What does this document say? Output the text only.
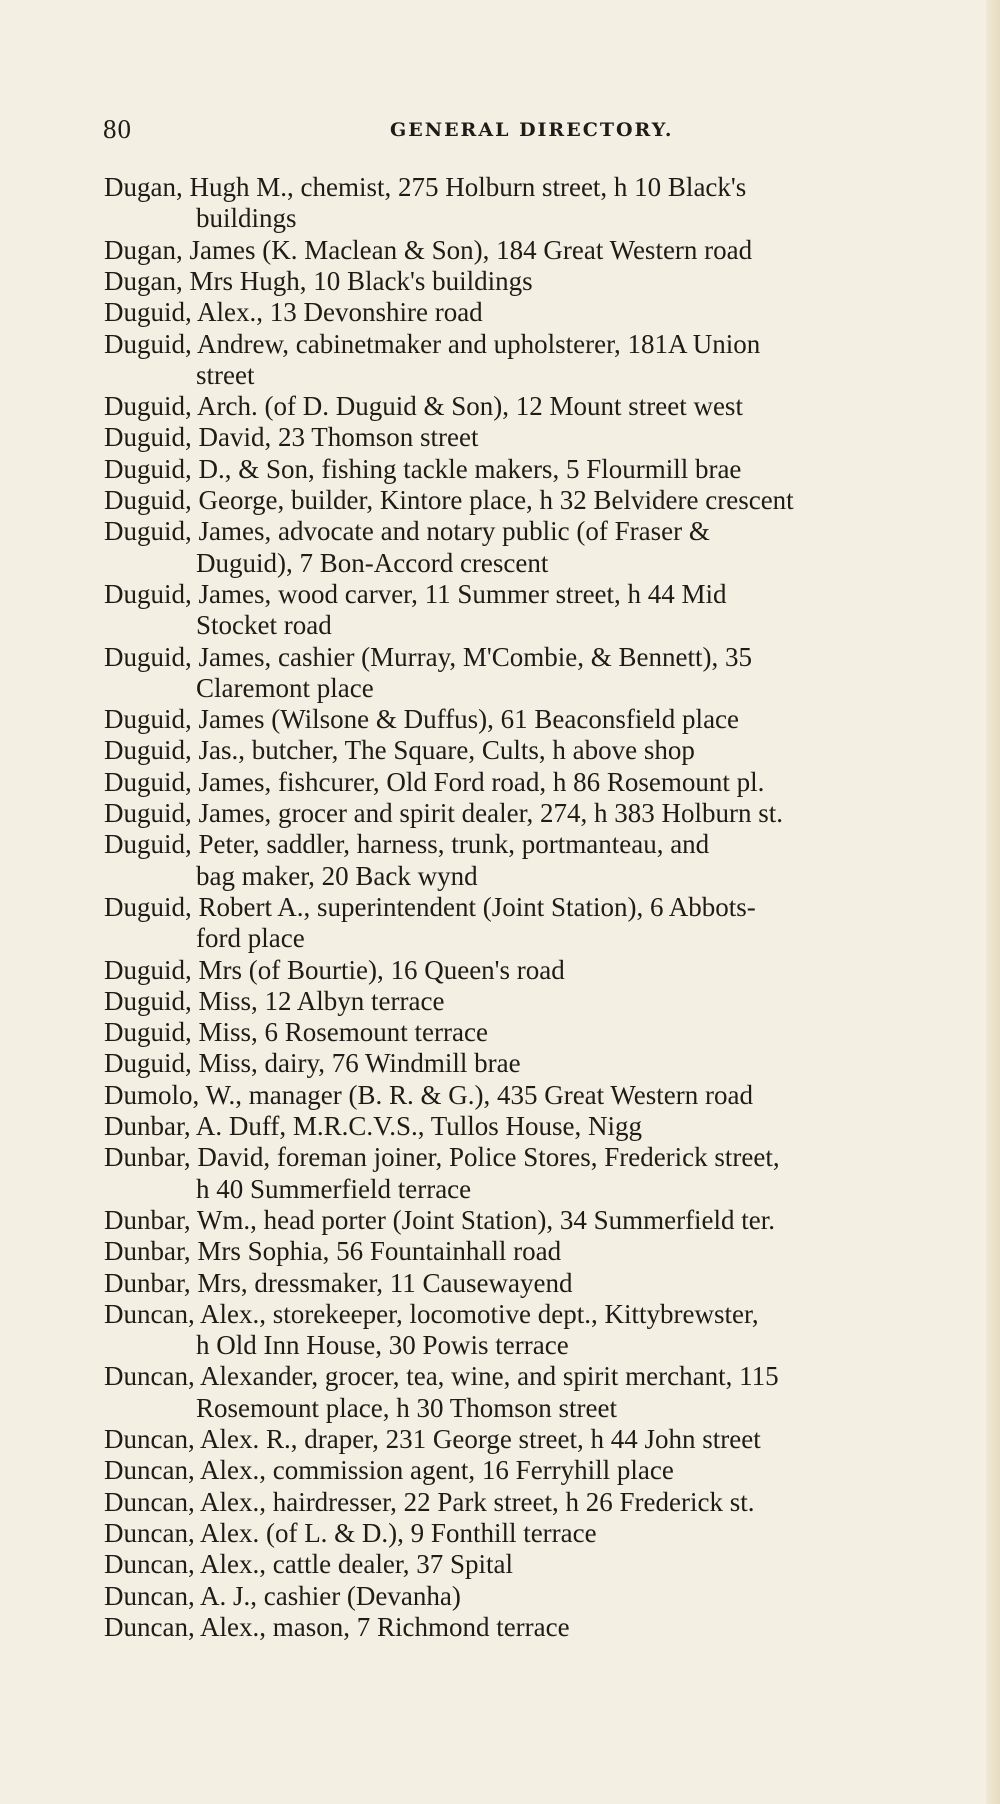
80	GENERAL DIRECTORY.
Dugan, Hugh M., chemist, 275 Holburn street, h 10 Black's
buildings
Dugan, James (K. Maclean & Son), 184 Great Western road
Dugan, Mrs Hugh, 10 Black's buildings
Duguid, Alex., 13 Devonshire road
Duguid, Andrew, cabinetmaker and upholsterer, 181A Union
street
Duguid, Arch. (of D. Duguid & Son), 12 Mount street west
Duguid, David, 23 Thomson street
Duguid, D., & Son, fishing tackle makers, 5 Flourmill brae
Duguid, George, builder, Kintore place, h 32 Belvidere crescent
Duguid, James, advocate and notary public (of Fraser &
Duguid), 7 Bon-Accord crescent
Duguid, James, wood carver, 11 Summer street, h 44 Mid
Stocket road
Duguid, James, cashier (Murray, M'Combie, & Bennett), 35
Claremont place
Duguid, James (Wilsone & Duffus), 61 Beaconsfield place
Duguid, Jas., butcher, The Square, Cults, h above shop
Duguid, James, fishcurer, Old Ford road, h 86 Rosemount pl.
Duguid, James, grocer and spirit dealer, 274, h 383 Holburn st.
Duguid, Peter, saddler, harness, trunk, portmanteau, and
bag maker, 20 Back wynd
Duguid, Robert A., superintendent (Joint Station), 6 Abbots-
ford place
Duguid, Mrs (of Bourtie), 16 Queen's road
Duguid, Miss, 12 Albyn terrace
Duguid, Miss, 6 Rosemount terrace
Duguid, Miss, dairy, 76 Windmill brae
Dumolo, W., manager (B. R. & G.), 435 Great Western road
Dunbar, A. Duff, M.R.C.V.S., Tullos House, Nigg
Dunbar, David, foreman joiner, Police Stores, Frederick street,
h 40 Summerfield terrace
Dunbar, Wm., head porter (Joint Station), 34 Summerfield ter.
Dunbar, Mrs Sophia, 56 Fountainhall road
Dunbar, Mrs, dressmaker, 11 Causewayend
Duncan, Alex., storekeeper, locomotive dept., Kittybrewster,
h Old Inn House, 30 Powis terrace
Duncan, Alexander, grocer, tea, wine, and spirit merchant, 115
Rosemount place, h 30 Thomson street
Duncan, Alex. R., draper, 231 George street, h 44 John street
Duncan, Alex., commission agent, 16 Ferryhill place
Duncan, Alex., hairdresser, 22 Park street, h 26 Frederick st.
Duncan, Alex. (of L. & D.), 9 Fonthill terrace
Duncan, Alex., cattle dealer, 37 Spital
Duncan, A. J., cashier (Devanha)
Duncan, Alex., mason, 7 Richmond terrace
